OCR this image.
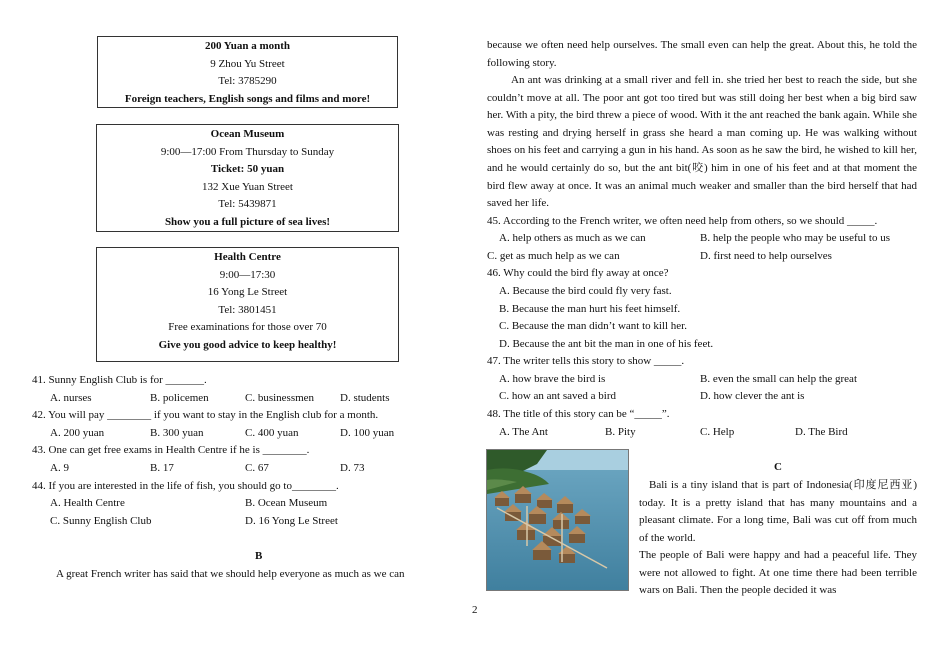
200 Yuan a month
9 Zhou Yu Street
Tel: 3785290
Foreign teachers, English songs and films and more!
Ocean Museum
9:00—17:00 From Thursday to Sunday
Ticket: 50 yuan
132 Xue Yuan Street
Tel: 5439871
Show you a full picture of sea lives!
Health Centre
9:00—17:30
16 Yong Le Street
Tel: 3801451
Free examinations for those over 70
Give you good advice to keep healthy!
41. Sunny English Club is for _______.
A. nurses	B. policemen	C. businessmen D. students
42. You will pay ________ if you want to stay in the English club for a month.
A. 200 yuan	B. 300 yuan	C. 400 yuan	D. 100 yuan
43. One can get free exams in Health Centre if he is ________.
A. 9	B. 17	C. 67	D. 73
44. If you are interested in the life of fish, you should go to________.
A. Health Centre	B. Ocean Museum
C. Sunny English Club	D. 16 Yong Le Street
B
A great French writer has said that we should help everyone as much as we can
because we often need help ourselves. The small even can help the great. About this, he told the following story.
An ant was drinking at a small river and fell in. she tried her best to reach the side, but she couldn’t move at all. The poor ant got too tired but was still doing her best when a big bird saw her. With a pity, the bird threw a piece of wood. With it the ant reached the bank again. While she was resting and drying herself in grass she heard a man coming up. He was walking without shoes on his feet and carrying a gun in his hand. As soon as he saw the bird, he wished to kill her, and he would certainly do so, but the ant bit(咬) him in one of his feet and at that moment the bird flew away at once. It was an animal much weaker and smaller than the bird herself that had saved her life.
45. According to the French writer, we often need help from others, so we should _____.
A. help others as much as we can	B. help the people who may be useful to us
C. get as much help as we can	D. first need to help ourselves
46. Why could the bird fly away at once?
A. Because the bird could fly very fast.
B. Because the man hurt his feet himself.
C. Because the man didn’t want to kill her.
D. Because the ant bit the man in one of his feet.
47. The writer tells this story to show _____.
A. how brave the bird is	B. even the small can help the great
C. how an ant saved a bird	D. how clever the ant is
48. The title of this story can be “_____”.
A. The Ant	B. Pity	C. Help	D. The Bird
C
Bali is a tiny island that is part of Indonesia(印度尼西亚) today. It is a pretty island that has many mountains and a pleasant climate. For a long time, Bali was cut off from much of the world.
The people of Bali were happy and had a peaceful life. They were not allowed to fight. At one time there had been terrible wars on Bali. Then the people decided it was
2
